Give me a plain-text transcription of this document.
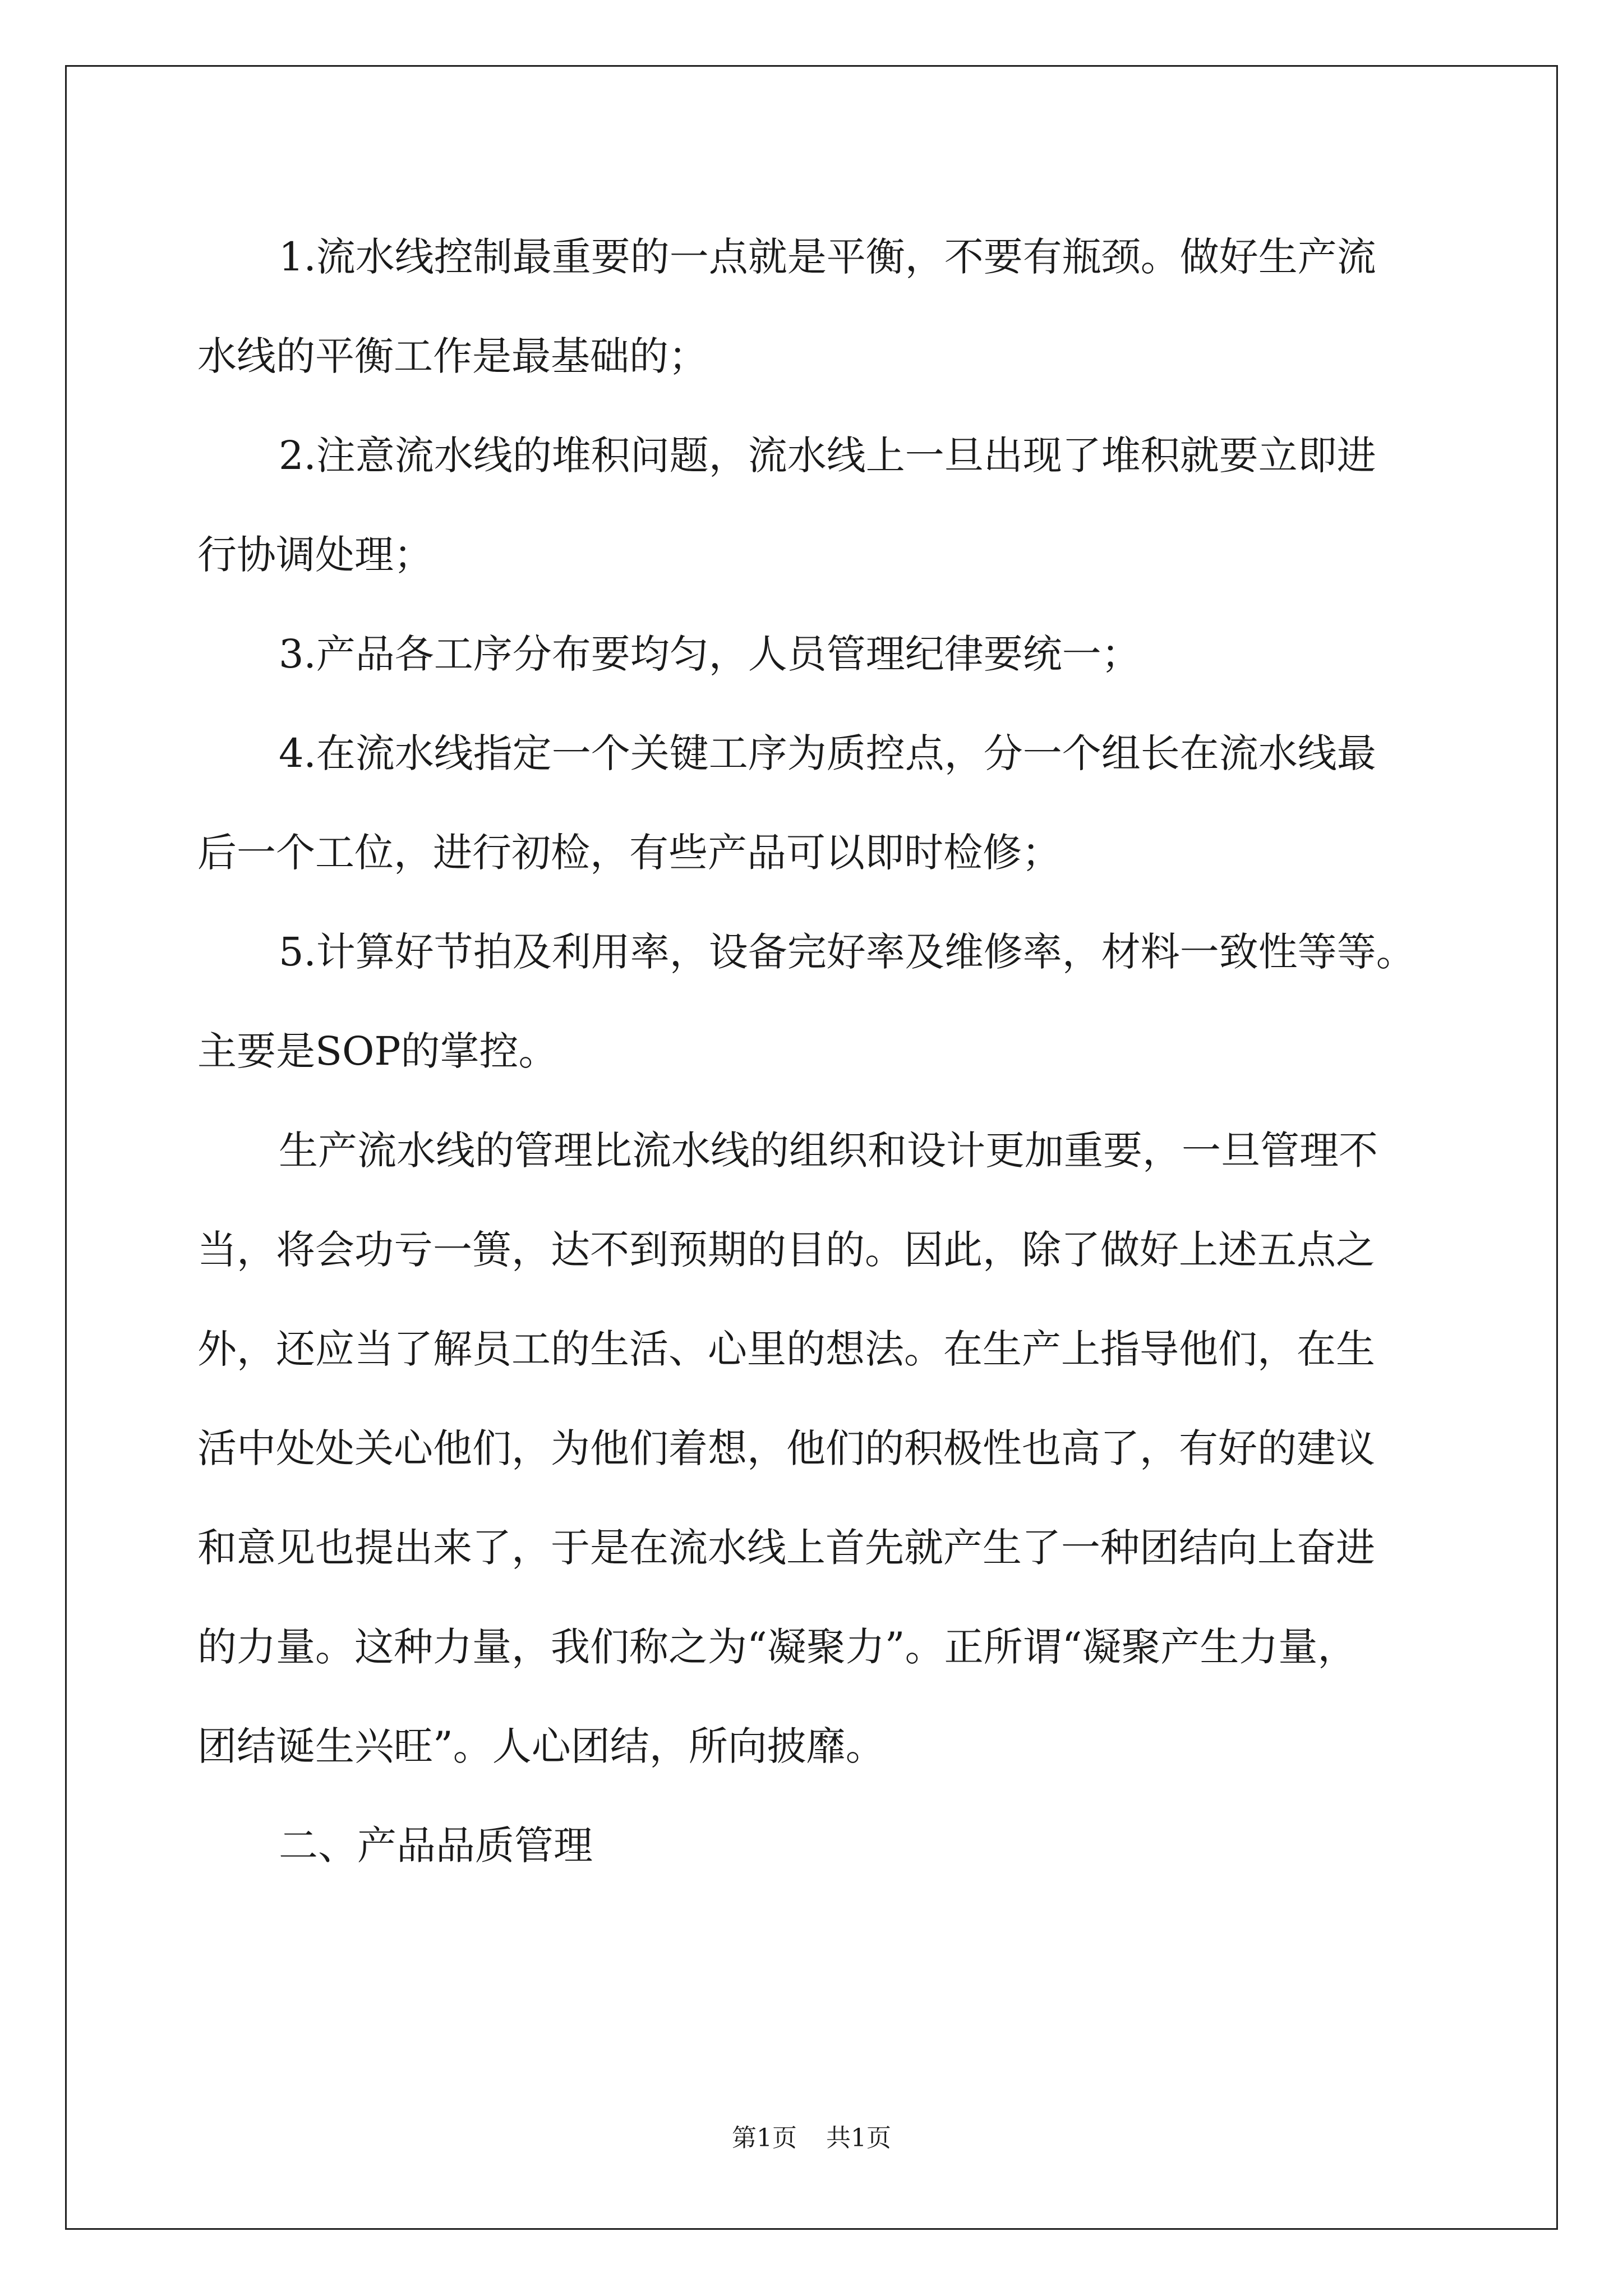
1.流水线控制最重要的一点就是平衡，不要有瓶颈。做好生产流
水线的平衡工作是最基础的；

2.注意流水线的堆积问题，流水线上一旦出现了堆积就要立即进
行协调处理；

3.产品各工序分布要均匀，人员管理纪律要统一；

4.在流水线指定一个关键工序为质控点，分一个组长在流水线最
后一个工位，进行初检，有些产品可以即时检修；

5.计算好节拍及利用率，设备完好率及维修率，材料一致性等等。
主要是SOP的掌控。

生产流水线的管理比流水线的组织和设计更加重要，一旦管理不
当，将会功亏一篑，达不到预期的目的。因此，除了做好上述五点之
外，还应当了解员工的生活、心里的想法。在生产上指导他们，在生
活中处处关心他们，为他们着想，他们的积极性也高了，有好的建议
和意见也提出来了，于是在流水线上首先就产生了一种团结向上奋进
的力量。这种力量，我们称之为“凝聚力”。正所谓“凝聚产生力量，
团结诞生兴旺”。人心团结，所向披靡。

二、产品品质管理

第1页 共1页
